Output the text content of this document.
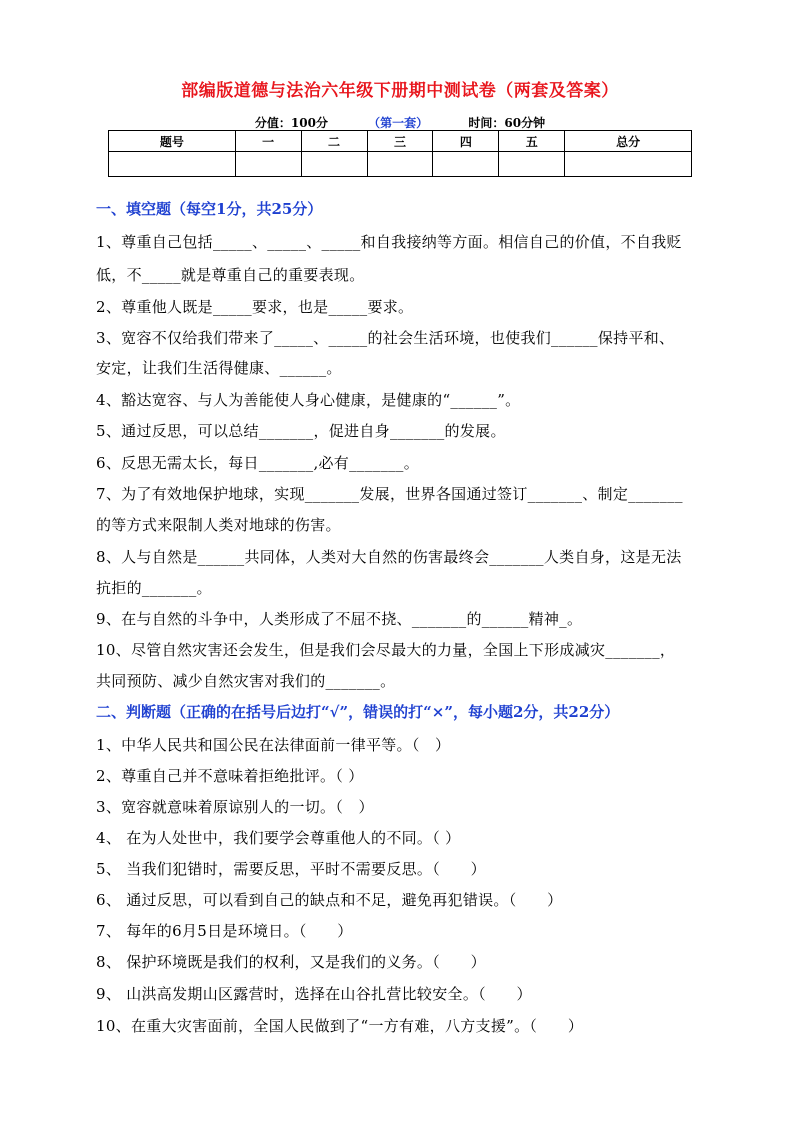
部编版道德与法治六年级下册期中测试卷（两套及答案）
分值：100分	（第一套）	时间：60分钟
题号	一	二	三	四	五	总分

一、填空题（每空1分，共25分）
1、尊重自己包括_____、_____、_____和自我接纳等方面。相信自己的价值，不自我贬
低，不_____就是尊重自己的重要表现。
2、尊重他人既是_____要求，也是_____要求。
3、宽容不仅给我们带来了_____、_____的社会生活环境，也使我们______保持平和、
安定，让我们生活得健康、______。
4、豁达宽容、与人为善能使人身心健康，是健康的“______”。
5、通过反思，可以总结_______，促进自身_______的发展。
6、反思无需太长，每日_______,必有_______。
7、为了有效地保护地球，实现_______发展，世界各国通过签订_______、制定_______
的等方式来限制人类对地球的伤害。
8、人与自然是______共同体，人类对大自然的伤害最终会_______人类自身，这是无法
抗拒的_______。
9、在与自然的斗争中，人类形成了不屈不挠、_______的______精神_。
10、尽管自然灾害还会发生，但是我们会尽最大的力量，全国上下形成减灾_______，
共同预防、减少自然灾害对我们的_______。
二、判断题（正确的在括号后边打“√”，错误的打“×”，每小题2分，共22分）
1、中华人民共和国公民在法律面前一律平等。（　）
2、尊重自己并不意味着拒绝批评。（ ）
3、宽容就意味着原谅别人的一切。（　）
4、 在为人处世中，我们要学会尊重他人的不同。（ ）
5、 当我们犯错时，需要反思，平时不需要反思。（　　）
6、 通过反思，可以看到自己的缺点和不足，避免再犯错误。（　　）
7、 每年的6月5日是环境日。（　　）
8、 保护环境既是我们的权利，又是我们的义务。（　　）
9、 山洪高发期山区露营时，选择在山谷扎营比较安全。（　　）
10、在重大灾害面前，全国人民做到了“一方有难，八方支援”。（　　）
